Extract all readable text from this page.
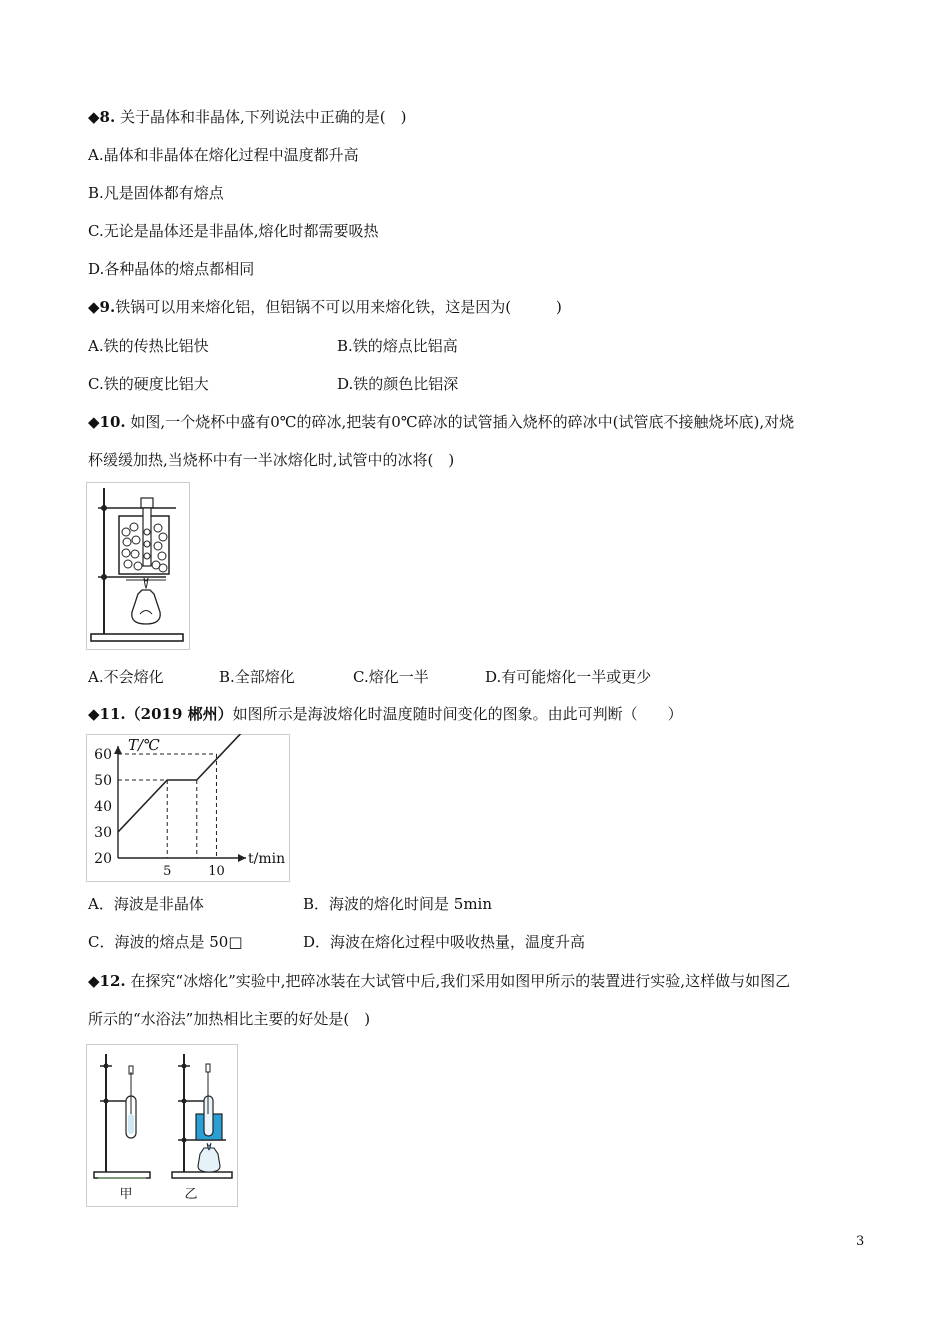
◆8. 关于晶体和非晶体,下列说法中正确的是(　)
A.晶体和非晶体在熔化过程中温度都升高
B.凡是固体都有熔点
C.无论是晶体还是非晶体,熔化时都需要吸热
D.各种晶体的熔点都相同
◆9.铁锅可以用来熔化铝，但铝锅不可以用来熔化铁，这是因为(　　　)
A.铁的传热比铝快	B.铁的熔点比铝高
C.铁的硬度比铝大	D.铁的颜色比铝深
◆10. 如图,一个烧杯中盛有0℃的碎冰,把装有0℃碎冰的试管插入烧杯的碎冰中(试管底不接触烧坏底),对烧
杯缓缓加热,当烧杯中有一半冰熔化时,试管中的冰将(　)
A.不会熔化	B.全部熔化	C.熔化一半	D.有可能熔化一半或更少
◆11.（2019 郴州）如图所示是海波熔化时温度随时间变化的图象。由此可判断（　　）
T/℃
t/min
60
50
40
30
20
5	10
A．海波是非晶体	B．海波的熔化时间是 5min
C．海波的熔点是 50□	D．海波在熔化过程中吸收热量，温度升高
◆12. 在探究“冰熔化”实验中,把碎冰装在大试管中后,我们采用如图甲所示的装置进行实验,这样做与如图乙
所示的“水浴法”加热相比主要的好处是(　)
甲	乙
3
